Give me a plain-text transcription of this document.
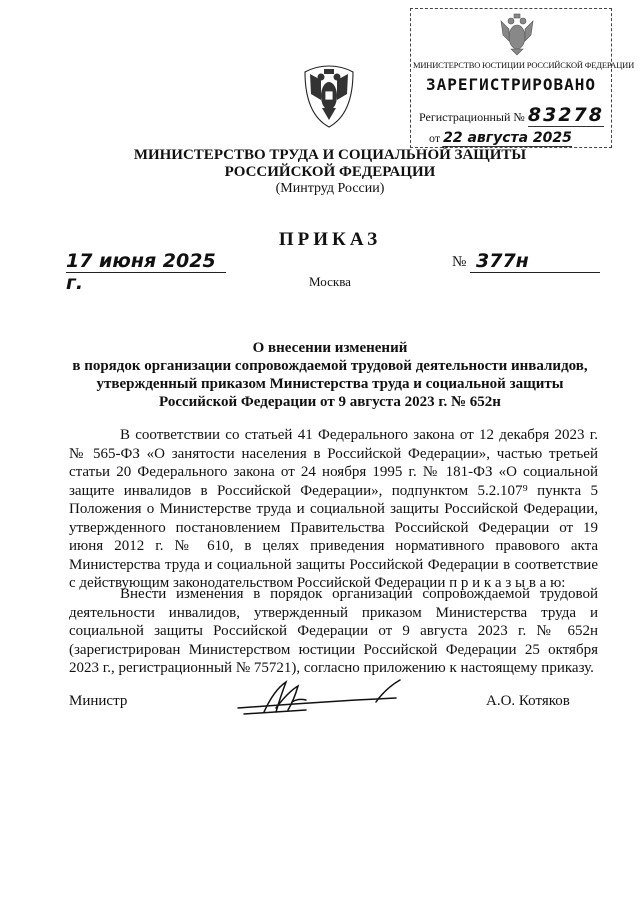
МИНИСТЕРСТВО ЮСТИЦИИ РОССИЙСКОЙ ФЕДЕРАЦИИ
ЗАРЕГИСТРИРОВАНО
Регистрационный № 83278
от 22 августа 2025
МИНИСТЕРСТВО ТРУДА И СОЦИАЛЬНОЙ ЗАЩИТЫ
РОССИЙСКОЙ ФЕДЕРАЦИИ
(Минтруд России)
ПРИКАЗ
17 июня 2025 г.
№ 377н
Москва
О внесении изменений
в порядок организации сопровождаемой трудовой деятельности инвалидов,
утвержденный приказом Министерства труда и социальной защиты
Российской Федерации от 9 августа 2023 г. № 652н
В соответствии со статьей 41 Федерального закона от 12 декабря 2023 г. № 565-ФЗ «О занятости населения в Российской Федерации», частью третьей статьи 20 Федерального закона от 24 ноября 1995 г. № 181-ФЗ «О социальной защите инвалидов в Российской Федерации», подпунктом 5.2.107⁹ пункта 5 Положения о Министерстве труда и социальной защиты Российской Федерации, утвержденного постановлением Правительства Российской Федерации от 19 июня 2012 г. № 610, в целях приведения нормативного правового акта Министерства труда и социальной защиты Российской Федерации в соответствие с действующим законодательством Российской Федерации п р и к а з ы в а ю:
Внести изменения в порядок организации сопровождаемой трудовой деятельности инвалидов, утвержденный приказом Министерства труда и социальной защиты Российской Федерации от 9 августа 2023 г. № 652н (зарегистрирован Министерством юстиции Российской Федерации 25 октября 2023 г., регистрационный № 75721), согласно приложению к настоящему приказу.
Министр	А.О. Котяков
